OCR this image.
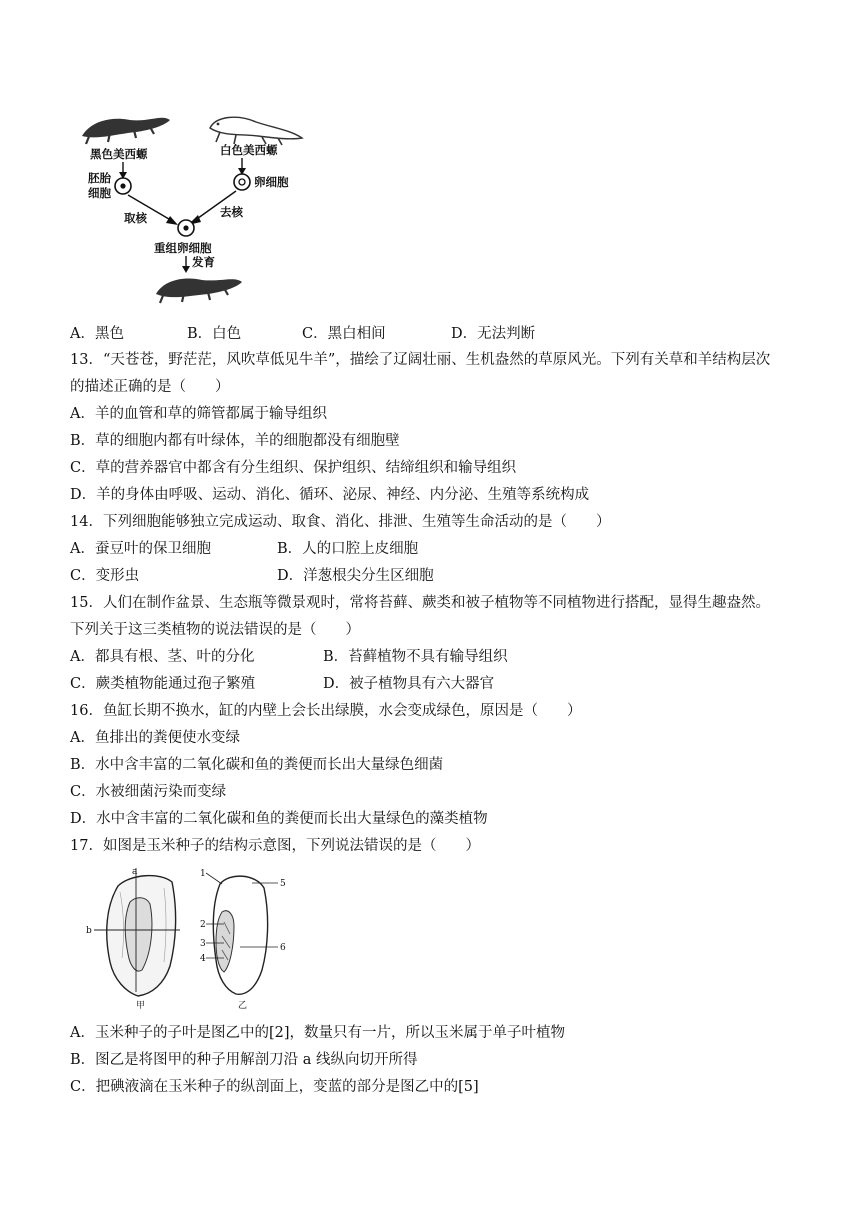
黑色美西螈	白色美西螈
胚胎
细胞
卵细胞
取核	去核
重组卵细胞
发育
A．黑色	B．白色	C．黑白相间	D．无法判断
13．“天苍苍，野茫茫，风吹草低见牛羊”，描绘了辽阔壮丽、生机盎然的草原风光。下列有关草和羊结构层次
的描述正确的是（　　）
A．羊的血管和草的筛管都属于输导组织
B．草的细胞内都有叶绿体，羊的细胞都没有细胞壁
C．草的营养器官中都含有分生组织、保护组织、结缔组织和输导组织
D．羊的身体由呼吸、运动、消化、循环、泌尿、神经、内分泌、生殖等系统构成
14．下列细胞能够独立完成运动、取食、消化、排泄、生殖等生命活动的是（　　）
A．蚕豆叶的保卫细胞	B．人的口腔上皮细胞
C．变形虫	D．洋葱根尖分生区细胞
15．人们在制作盆景、生态瓶等微景观时，常将苔藓、蕨类和被子植物等不同植物进行搭配，显得生趣盎然。
下列关于这三类植物的说法错误的是（　　）
A．都具有根、茎、叶的分化	B．苔藓植物不具有输导组织
C．蕨类植物能通过孢子繁殖	D．被子植物具有六大器官
16．鱼缸长期不换水，缸的内壁上会长出绿膜，水会变成绿色，原因是（　　）
A．鱼排出的粪便使水变绿
B．水中含丰富的二氧化碳和鱼的粪便而长出大量绿色细菌
C．水被细菌污染而变绿
D．水中含丰富的二氧化碳和鱼的粪便而长出大量绿色的藻类植物
17．如图是玉米种子的结构示意图，下列说法错误的是（　　）
a
b
甲
1
2
3
4
5
6
乙
A．玉米种子的子叶是图乙中的[2]，数量只有一片，所以玉米属于单子叶植物
B．图乙是将图甲的种子用解剖刀沿 a 线纵向切开所得
C．把碘液滴在玉米种子的纵剖面上，变蓝的部分是图乙中的[5]
